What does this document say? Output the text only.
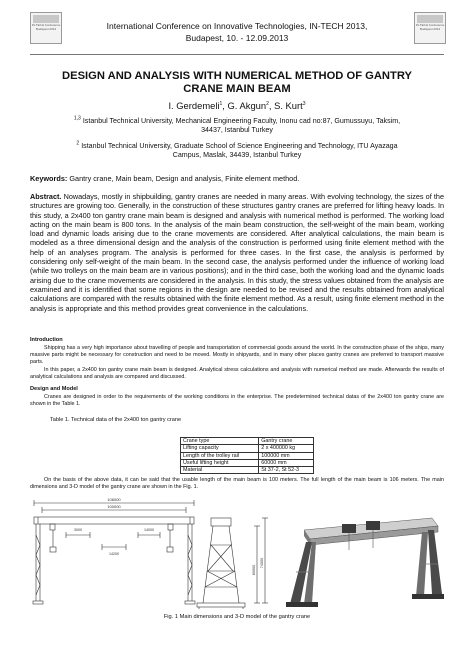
IN-TECH Conference Budapest 2013
IN-TECH Conference Budapest 2013
International Conference on Innovative Technologies, IN-TECH 2013,
Budapest, 10. - 12.09.2013
DESIGN AND ANALYSIS WITH NUMERICAL METHOD OF GANTRY
CRANE MAIN BEAM
I. Gerdemeli$^1$, G. Akgun$^2$, S. Kurt$^3$
$^{1,3}$ Istanbul Technical University, Mechanical Engineering Faculty, Inonu cad no:87, Gumussuyu, Taksim,
34437, Istanbul Turkey
$^2$ Istanbul Technical University, Graduate School of Science Engineering and Technology, ITU Ayazaga
Campus, Maslak, 34439, Istanbul Turkey
Keywords: Gantry crane, Main beam, Design and analysis, Finite element method.
Abstract. Nowadays, mostly in shipbuilding, gantry cranes are needed in many areas. With evolving technology, the sizes of the structures are growing too. Generally, in the construction of these structures gantry cranes are preferred for lifting heavy loads. In this study, a 2x400 ton gantry crane main beam is designed and analysis with numerical method is performed. The working load acting on the main beam is 800 tons. In the analysis of the main beam construction, the self-weight of the main beam, working load and dynamic loads arising due to the crane movements are considered. After analytical calculations, the main beam is modeled as a three dimensional design and the analysis of the construction is performed using finite element method with the help of an analyses program. The analysis is performed for three cases. In the first case, the analysis is performed by considering only self-weight of the main beam. In the second case, the analysis performed under the influence of working load (while two trolleys on the main beam are in various positions); and in the third case, both the working load and the dynamic loads arising due to the crane movements are considered in the analysis. In this study, the stress values obtained from the analysis are examined and it is identified that some regions in the design are needed to be revised and the results obtained from analytical calculations are compared with the results obtained with the finite element method. As a result, using finite element method in the analysis is appropriate and this method provides great convenience in the calculations.
Introduction
Shipping has a very high importance about travelling of people and transportation of commercial goods around the world. In the construction phase of the ships, many massive parts might be necessary for construction and need to be moved. Mostly in shipyards, and in many other places gantry cranes are preferred to transport massive parts.
In this paper, a 2x400 ton gantry crane main beam is designed. Analytical stress calculations and analysis with numerical method are made. Afterwards the results of analytical calculations and analysis are compared and discussed.
Design and Model
Cranes are designed in order to the requirements of the working conditions in the enterprise. The predetermined technical datas of the 2x400 ton gantry crane are shown in the Table 1.
Table 1. Technical data of the 2x400 ton gantry crane
Crane type	Gantry crane
Lifting capacity	2 x 400000 kg
Length of the trolley rail	100000 mm
Useful lifting height	60000 mm
Material	St 37-2, St 52-3
On the basis of the above data, it can be said that the usable length of the main beam is 100 meters. The full length of the main beam is 106 meters. The main dimensions and 3-D model of the gantry crane are shown in the Fig. 1.
106000
100000
3000	14000
14200
60000
74000
Fig. 1 Main dimensions and 3-D model of the gantry crane
